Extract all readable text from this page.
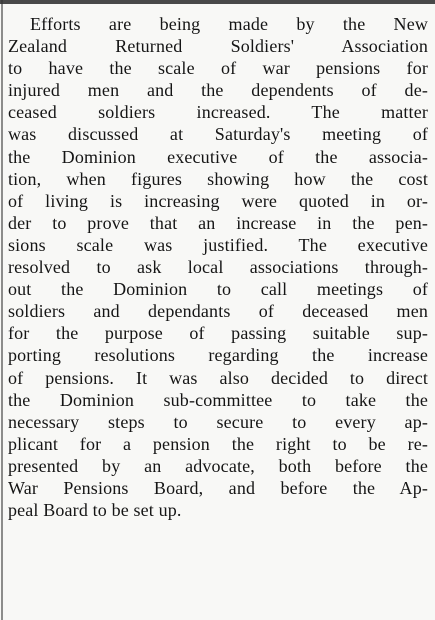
Efforts are being made by the New
Zealand Returned Soldiers' Association
to have the scale of war pensions for
injured men and the dependents of de-
ceased soldiers increased. The matter
was discussed at Saturday's meeting of
the Dominion executive of the associa-
tion, when figures showing how the cost
of living is increasing were quoted in or-
der to prove that an increase in the pen-
sions scale was justified. The executive
resolved to ask local associations through-
out the Dominion to call meetings of
soldiers and dependants of deceased men
for the purpose of passing suitable sup-
porting resolutions regarding the increase
of pensions. It was also decided to direct
the Dominion sub-committee to take the
necessary steps to secure to every ap-
plicant for a pension the right to be re-
presented by an advocate, both before the
War Pensions Board, and before the Ap-
peal Board to be set up.
